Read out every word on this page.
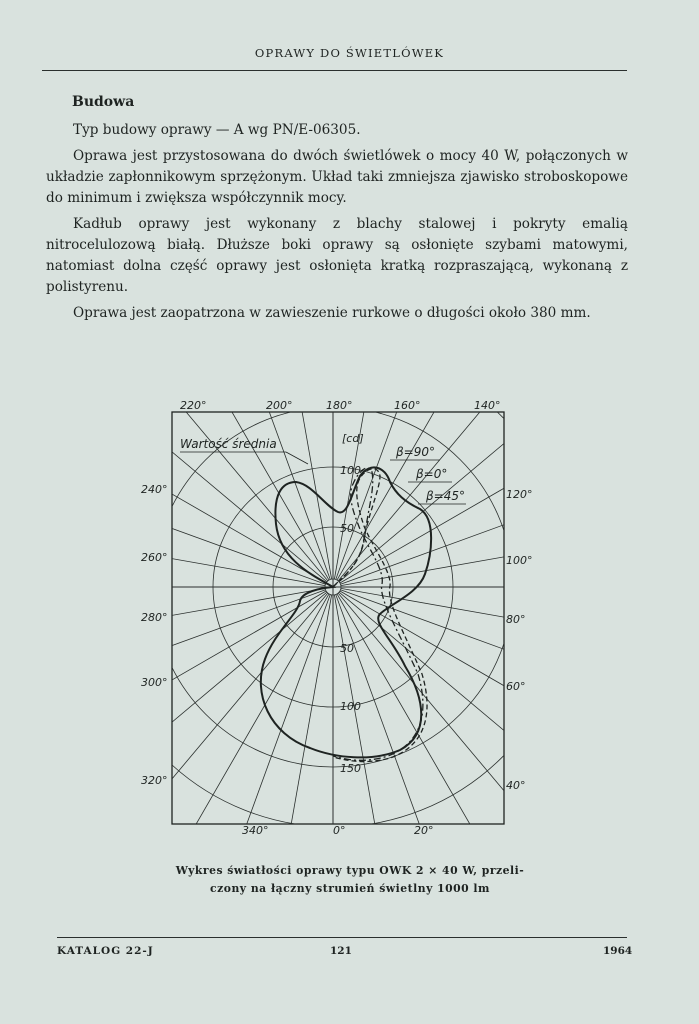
OPRAWY DO ŚWIETLÓWEK
Budowa

Typ budowy oprawy — A wg PN/E-06305.

Oprawa jest przystosowana do dwóch świetlówek o mocy 40 W, połączonych w układzie zapłonnikowym sprzężonym. Układ taki zmniejsza zjawisko stroboskopowe do minimum i zwiększa współczynnik mocy.

Kadłub oprawy jest wykonany z blachy stalowej i pokryty emalią nitrocelulozową białą. Dłuższe boki oprawy są osłonięte szybami matowymi, natomiast dolna część oprawy jest osłonięta kratką rozpraszającą, wykonaną z polistyrenu.

Oprawa jest zaopatrzona w zawieszenie rurkowe o długości około 380 mm.

220°	200°	180°	160°	140°
240°
260°
280°
300°
320°
120°
100°
80°
60°
40°
340°	0°	20°
[cd]
100
50
50
100
150
Wartość średnia
β=90°
β=0°
β=45°
Wykres światłości oprawy typu OWK 2 × 40 W, przeli-
czony na łączny strumień świetlny 1000 lm
KATALOG 22-J	121	1964
